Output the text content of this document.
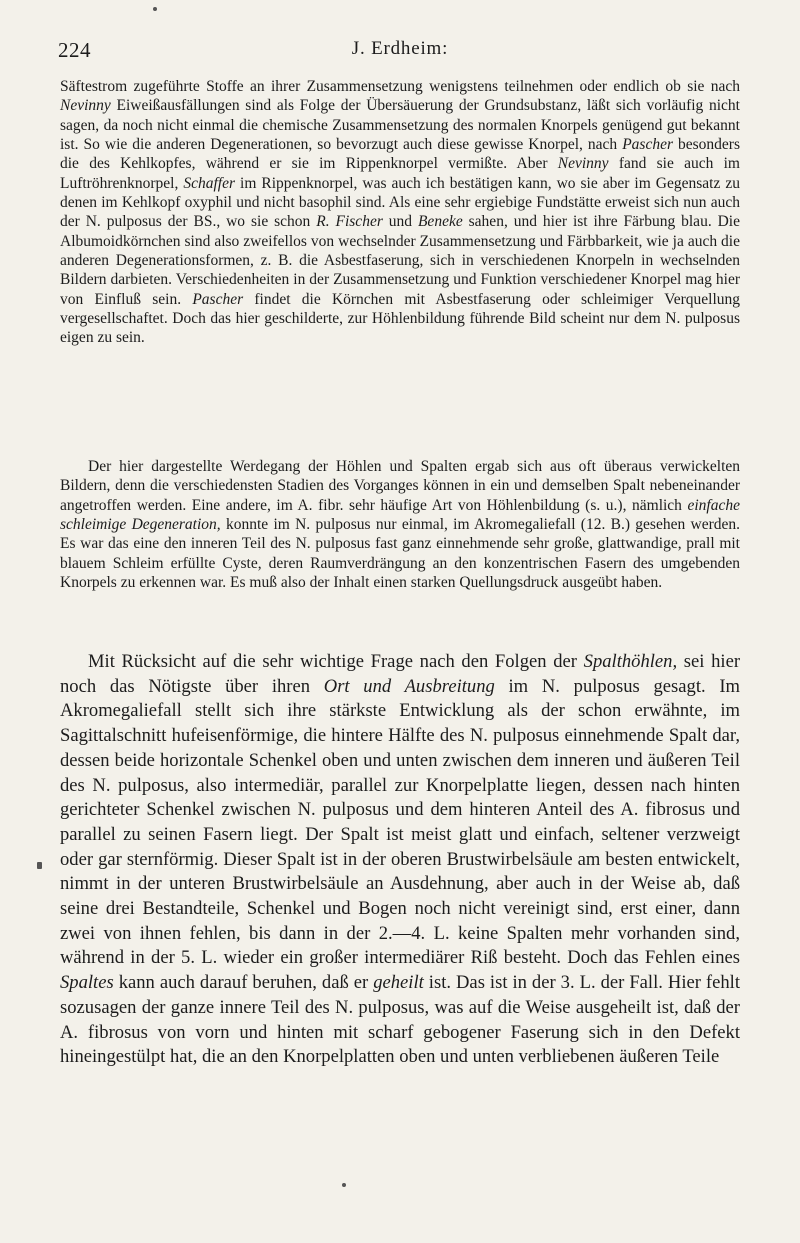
224	J. Erdheim:

Säftestrom zugeführte Stoffe an ihrer Zusammensetzung wenigstens teilnehmen oder endlich ob sie nach Nevinny Eiweißausfällungen sind als Folge der Übersäuerung der Grundsubstanz, läßt sich vorläufig nicht sagen, da noch nicht einmal die chemische Zusammensetzung des normalen Knorpels genügend gut bekannt ist. So wie die anderen Degenerationen, so bevorzugt auch diese gewisse Knorpel, nach Pascher besonders die des Kehlkopfes, während er sie im Rippenknorpel vermißte. Aber Nevinny fand sie auch im Luftröhrenknorpel, Schaffer im Rippenknorpel, was auch ich bestätigen kann, wo sie aber im Gegensatz zu denen im Kehlkopf oxyphil und nicht basophil sind. Als eine sehr ergiebige Fundstätte erweist sich nun auch der N. pulposus der BS., wo sie schon R. Fischer und Beneke sahen, und hier ist ihre Färbung blau. Die Albumoidkörnchen sind also zweifellos von wechselnder Zusammensetzung und Färbbarkeit, wie ja auch die anderen Degenerationsformen, z. B. die Asbestfaserung, sich in verschiedenen Knorpeln in wechselnden Bildern darbieten. Verschiedenheiten in der Zusammensetzung und Funktion verschiedener Knorpel mag hier von Einfluß sein. Pascher findet die Körnchen mit Asbestfaserung oder schleimiger Verquellung vergesellschaftet. Doch das hier geschilderte, zur Höhlenbildung führende Bild scheint nur dem N. pulposus eigen zu sein.

Der hier dargestellte Werdegang der Höhlen und Spalten ergab sich aus oft überaus verwickelten Bildern, denn die verschiedensten Stadien des Vorganges können in ein und demselben Spalt nebeneinander angetroffen werden. Eine andere, im A. fibr. sehr häufige Art von Höhlenbildung (s. u.), nämlich einfache schleimige Degeneration, konnte im N. pulposus nur einmal, im Akromegaliefall (12. B.) gesehen werden. Es war das eine den inneren Teil des N. pulposus fast ganz einnehmende sehr große, glattwandige, prall mit blauem Schleim erfüllte Cyste, deren Raumverdrängung an den konzentrischen Fasern des umgebenden Knorpels zu erkennen war. Es muß also der Inhalt einen starken Quellungsdruck ausgeübt haben.

Mit Rücksicht auf die sehr wichtige Frage nach den Folgen der Spalthöhlen, sei hier noch das Nötigste über ihren Ort und Ausbreitung im N. pulposus gesagt. Im Akromegaliefall stellt sich ihre stärkste Entwicklung als der schon erwähnte, im Sagittalschnitt hufeisenförmige, die hintere Hälfte des N. pulposus einnehmende Spalt dar, dessen beide horizontale Schenkel oben und unten zwischen dem inneren und äußeren Teil des N. pulposus, also intermediär, parallel zur Knorpelplatte liegen, dessen nach hinten gerichteter Schenkel zwischen N. pulposus und dem hinteren Anteil des A. fibrosus und parallel zu seinen Fasern liegt. Der Spalt ist meist glatt und einfach, seltener verzweigt oder gar sternförmig. Dieser Spalt ist in der oberen Brustwirbelsäule am besten entwickelt, nimmt in der unteren Brustwirbelsäule an Ausdehnung, aber auch in der Weise ab, daß seine drei Bestandteile, Schenkel und Bogen noch nicht vereinigt sind, erst einer, dann zwei von ihnen fehlen, bis dann in der 2.—4. L. keine Spalten mehr vorhanden sind, während in der 5. L. wieder ein großer intermediärer Riß besteht. Doch das Fehlen eines Spaltes kann auch darauf beruhen, daß er geheilt ist. Das ist in der 3. L. der Fall. Hier fehlt sozusagen der ganze innere Teil des N. pulposus, was auf die Weise ausgeheilt ist, daß der A. fibrosus von vorn und hinten mit scharf gebogener Faserung sich in den Defekt hineingestülpt hat, die an den Knorpelplatten oben und unten verbliebenen äußeren Teile
